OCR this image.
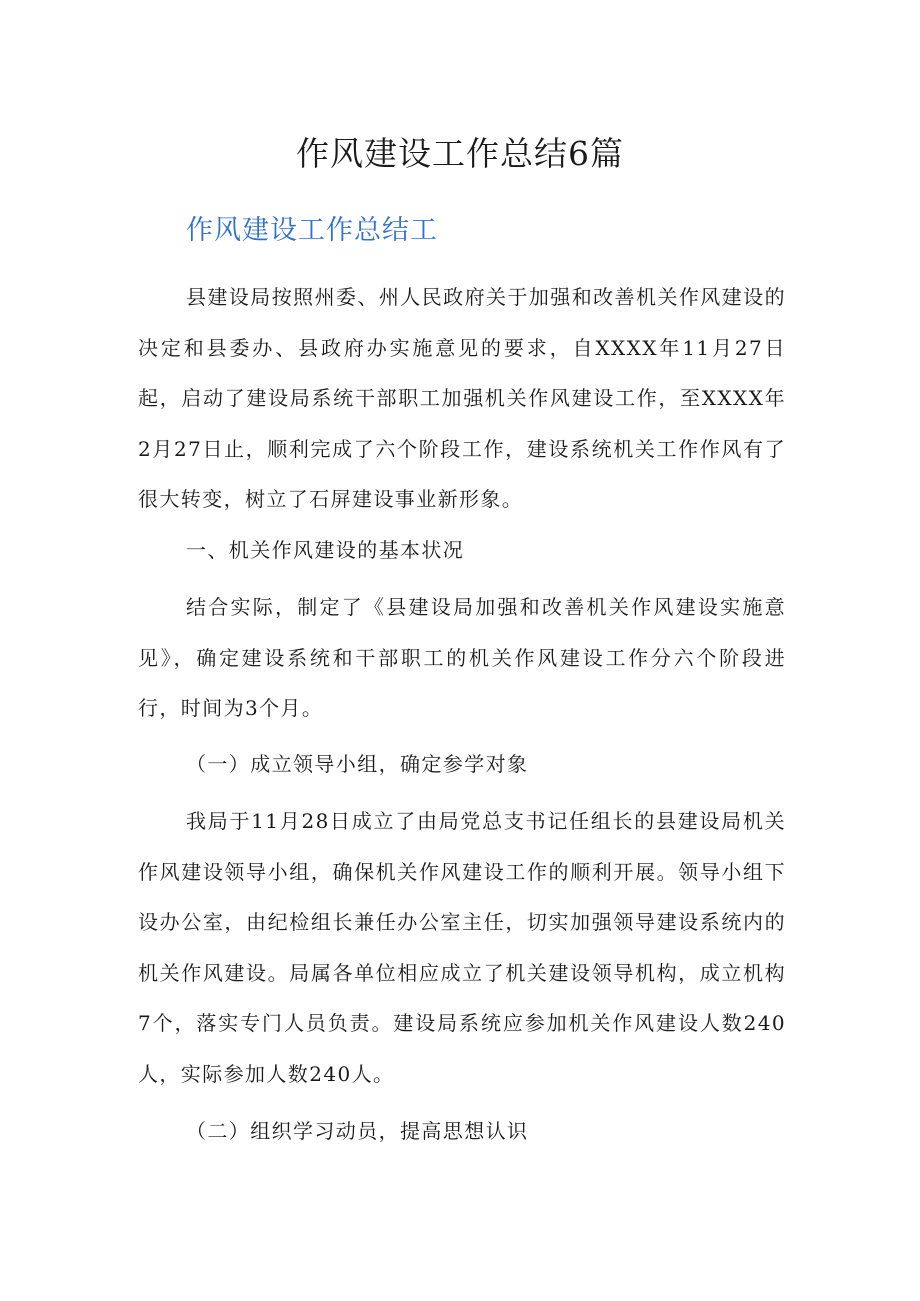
作风建设工作总结6篇
作风建设工作总结工
县建设局按照州委、州人民政府关于加强和改善机关作风建设的决定和县委办、县政府办实施意见的要求，自XXXX年11月27日起，启动了建设局系统干部职工加强机关作风建设工作，至XXXX年2月27日止，顺利完成了六个阶段工作，建设系统机关工作作风有了很大转变，树立了石屏建设事业新形象。
一、机关作风建设的基本状况
结合实际，制定了《县建设局加强和改善机关作风建设实施意见》，确定建设系统和干部职工的机关作风建设工作分六个阶段进行，时间为3个月。
（一）成立领导小组，确定参学对象
我局于11月28日成立了由局党总支书记任组长的县建设局机关作风建设领导小组，确保机关作风建设工作的顺利开展。领导小组下设办公室，由纪检组长兼任办公室主任，切实加强领导建设系统内的机关作风建设。局属各单位相应成立了机关建设领导机构，成立机构7个，落实专门人员负责。建设局系统应参加机关作风建设人数240人，实际参加人数240人。
（二）组织学习动员，提高思想认识
